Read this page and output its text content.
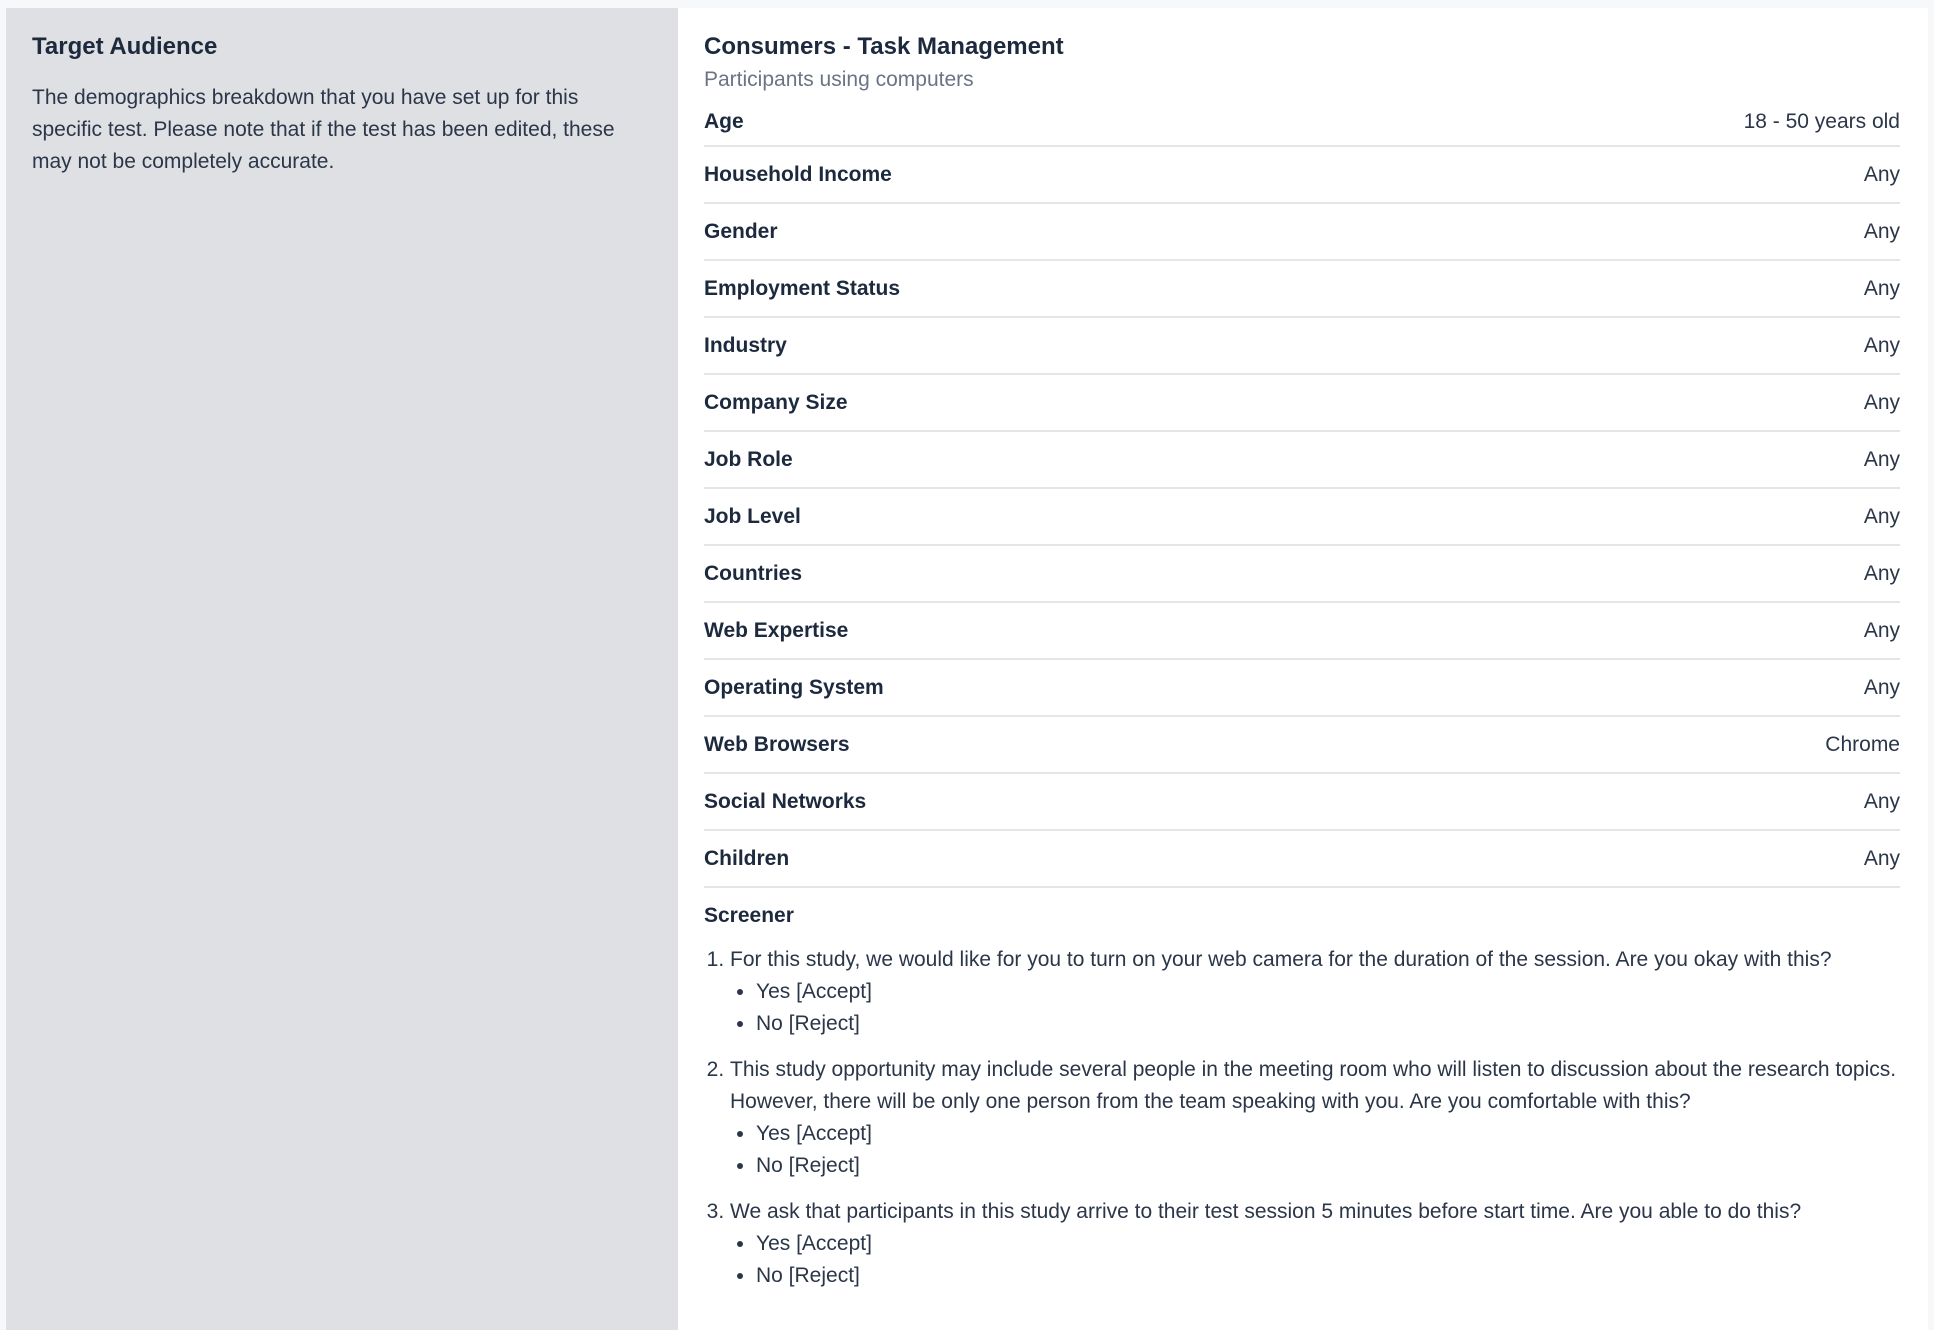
Target Audience

The demographics breakdown that you have set up for this specific test. Please note that if the test has been edited, these may not be completely accurate.

Consumers - Task Management
Participants using computers
Age	18 - 50 years old
Household Income	Any
Gender	Any
Employment Status	Any
Industry	Any
Company Size	Any
Job Role	Any
Job Level	Any
Countries	Any
Web Expertise	Any
Operating System	Any
Web Browsers	Chrome
Social Networks	Any
Children	Any
Screener
1. For this study, we would like for you to turn on your web camera for the duration of the session. Are you okay with this?
• Yes [Accept]
• No [Reject]
2. This study opportunity may include several people in the meeting room who will listen to discussion about the research topics. However, there will be only one person from the team speaking with you. Are you comfortable with this?
• Yes [Accept]
• No [Reject]
3. We ask that participants in this study arrive to their test session 5 minutes before start time. Are you able to do this?
• Yes [Accept]
• No [Reject]
